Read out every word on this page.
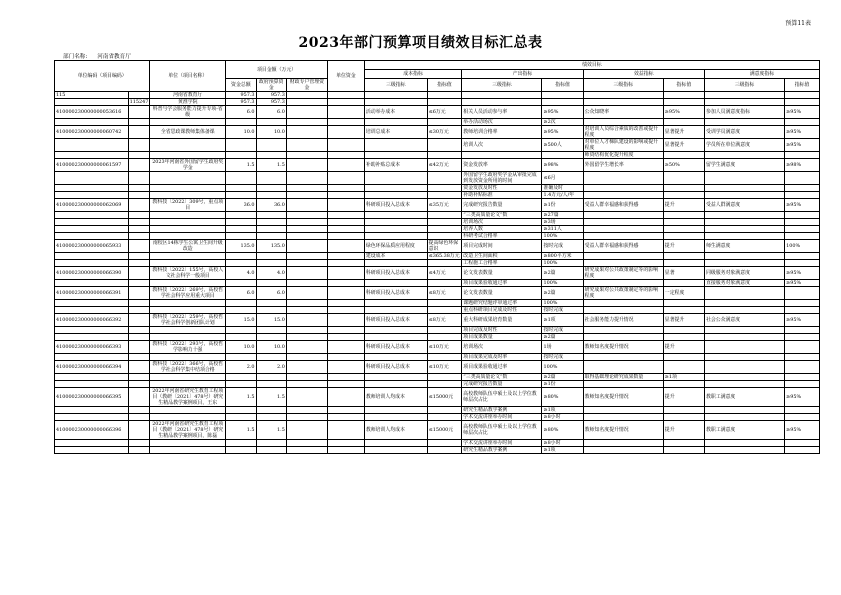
预算11表
2023年部门预算项目绩效目标汇总表
部门名称: 河南省教育厅
单位编码（项目编码）		单位（项目名称）	项目金额（万元）			单位资金	绩效目标							
							成本指标		产出指标		效益指标		满意度指标	
			资金总额	政府预算资金	财政专户管理资金		三级指标	指标值	三级指标	指标值	三级指标	指标值	三级指标	指标值
115		河南省教育厅	957.3	957.3										
	115247	黄淮学院	957.3	957.3										
410000230000000053616		科普与学会服务能力提升专项-省级	6.0	6.0			活动举办成本	≤6万元	相关人员活动参与率	≥95%	公众知晓率	≥95%	参加人员满意度指标	≥95%
									举办活动场次	≥2次				
410000230000000060742		全省思政课教师集体备课	10.0	10.0			培训总成本	≤30万元	教师培训合格率	≥95%	对培训人员综合素质的改善或提升程度	显著提升	受训学员满意度	≥95%
									培训人次	≥500人	对单位人才梯队建设的影响或提升程度	显著提升	学员所在单位满意度	≥95%
											师资结构优化提升程度			
410000230000000061597		2023年河南省外国留学生政府奖学金	1.5	1.5			补助补贴总成本	≤42万元	资金发放率	≥98%	外国留学生增长率	≥50%	留学生满意度	≥98%
									外国留学生政府奖学金从审批完成到发放资金所用的时间	≤6月				
									资金发放及时性	准确及时				
									补助补贴标准	1.4万元/人/年				
410000230000000062069		教科技〔2022〕309号，重点项目	36.0	36.0			科研项目投入总成本	≤35万元	完成研究报告数量	≥1份	受益人群幸福感和获得感	提升	受益人群满意度	≥95%
									“三类高质量论文”数	≥27篇				
									培训场次	≥3场				
									培养人数	≥311人				
									科研考试合格率	100%				
410000230000000065933		南校区14栋学生公寓卫生间升级改造	135.0	135.0			绿色环保品质应用程度	提高绿色环保意识	项目完成时间	按时完成	受益人群幸福感和获得感	提升	师生满意度	100%
							建设成本	≤365.38万元	改造卫生间面积	≥800平方米				
									工程施工合格率	100%				
410000230000000066390		教科技〔2022〕155号，高校人文社会科学一般项目	4.0	4.0			科研项目投入总成本	≤4万元	论文发表数量	≥2篇	研究成果对公共政策制定等的影响程度	显著	同级服务对象满意度	≥95%
									项目成果验收通过率	100%			直接服务对象满意度	≥95%
410000230000000066391		教科技〔2022〕269号，高校哲学社会科学应用重大项目	6.0	6.0			科研项目投入总成本	≤8万元	论文发表数量	≥2篇	研究成果对公共政策制定等的影响程度	一定程度		
									课题研究结题评审通过率	100%				
									重点科研项目完成及时性	按时完成				
410000230000000066392		教科技〔2022〕259号，高校哲学社会科学创新团队计划	15.0	15.0			科研项目投入总成本	≤8万元	重大科研成果培育数量	≥1项	社会服务能力提升情况	显著提升	社会公众满意度	≥95%
									项目完成及时性	按时完成				
									项目成果数量	≥2篇				
410000230000000066393		教科技〔2022〕293号，高校哲学影响力十强	10.0	10.0			科研项目投入总成本	≤10万元	培训场次	1场	教师知名度提升情况	提升		
									项目成果完成及时率	按时完成				
410000230000000066394		教科技〔2022〕366号，高校哲学社会科学集中结项合格	2.0	2.0			科研项目投入总成本	≤10万元	项目成果验收通过率	100%				
									“三类高质量论文”数	≥2篇	取得基础理论研究成果数量	≥1项		
									完成研究报告数量	≥1份				
410000230000000066395		2022年河南省研究生教育工程项目（教研〔2021〕478号）研究生精品教学案例项目，王东	1.5	1.5			教师培训人均成本	≤15000元	高校教师队伍中硕士及以上学位教师层次占比	≥80%	教师知名度提升情况	提升	教职工满意度	≥95%
									研究生精品教学案例	≥1项				
									学术交流讲座举办时间	≥8小时				
410000230000000066396		2022年河南省研究生教育工程项目（教研〔2021〕478号）研究生精品教学案例项目，陈磊	1.5	1.5			教师培训人均成本	≤15000元	高校教师队伍中硕士及以上学位教师层次占比	≥80%	教师知名度提升情况	提升	教职工满意度	≥95%
									学术交流讲座举办时间	≥8小时				
									研究生精品教学案例	≥1项				
